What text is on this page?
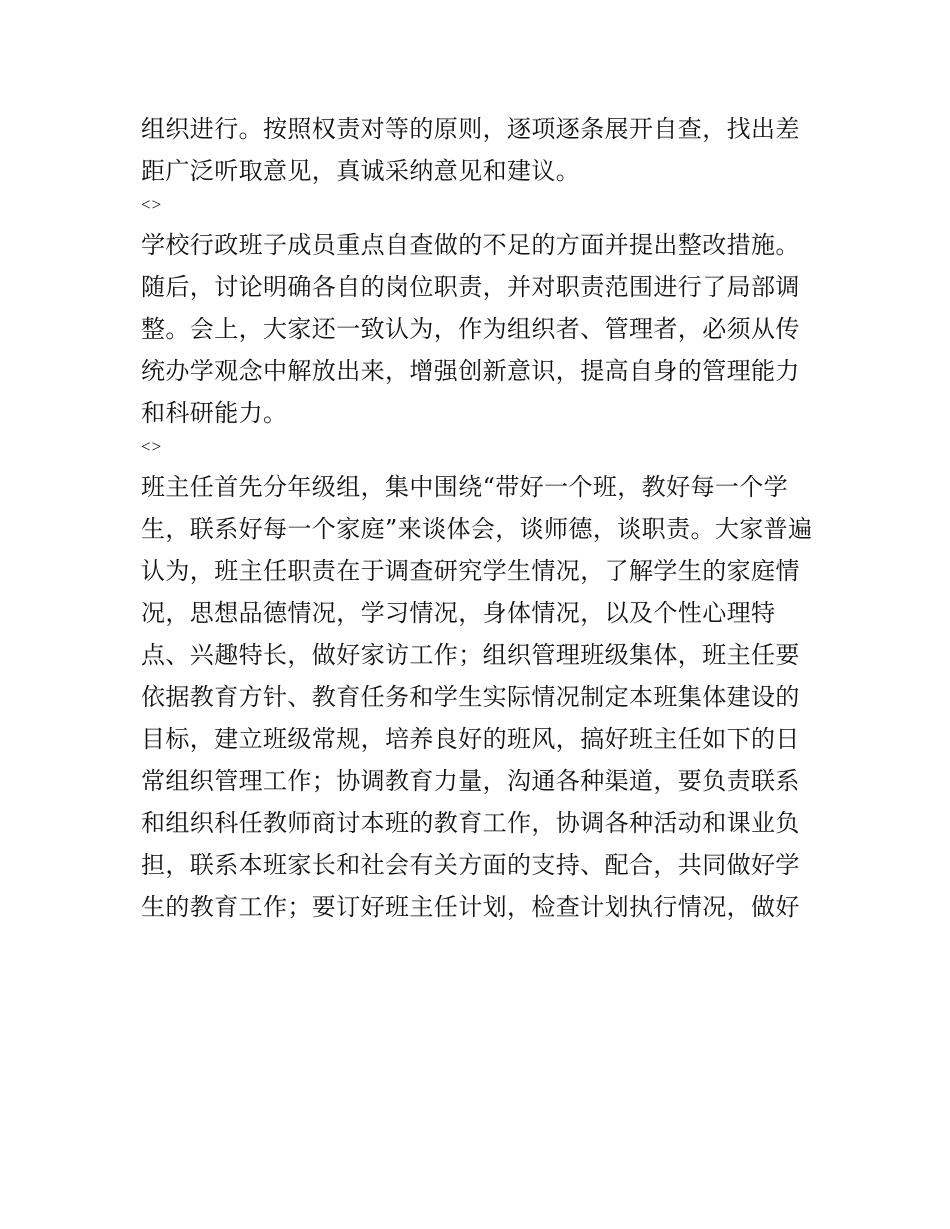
组织进行。按照权责对等的原则，逐项逐条展开自查，找出差距广泛听取意见，真诚采纳意见和建议。

<>

学校行政班子成员重点自查做的不足的方面并提出整改措施。随后，讨论明确各自的岗位职责，并对职责范围进行了局部调整。会上，大家还一致认为，作为组织者、管理者，必须从传统办学观念中解放出来，增强创新意识，提高自身的管理能力和科研能力。

<>

班主任首先分年级组，集中围绕“带好一个班，教好每一个学生，联系好每一个家庭”来谈体会，谈师德，谈职责。大家普遍认为，班主任职责在于调查研究学生情况，了解学生的家庭情况，思想品德情况，学习情况，身体情况，以及个性心理特点、兴趣特长，做好家访工作；组织管理班级集体，班主任要依据教育方针、教育任务和学生实际情况制定本班集体建设的目标，建立班级常规，培养良好的班风，搞好班主任如下的日常组织管理工作；协调教育力量，沟通各种渠道，要负责联系和组织科任教师商讨本班的教育工作，协调各种活动和课业负担，联系本班家长和社会有关方面的支持、配合，共同做好学生的教育工作；要订好班主任计划，检查计划执行情况，做好
